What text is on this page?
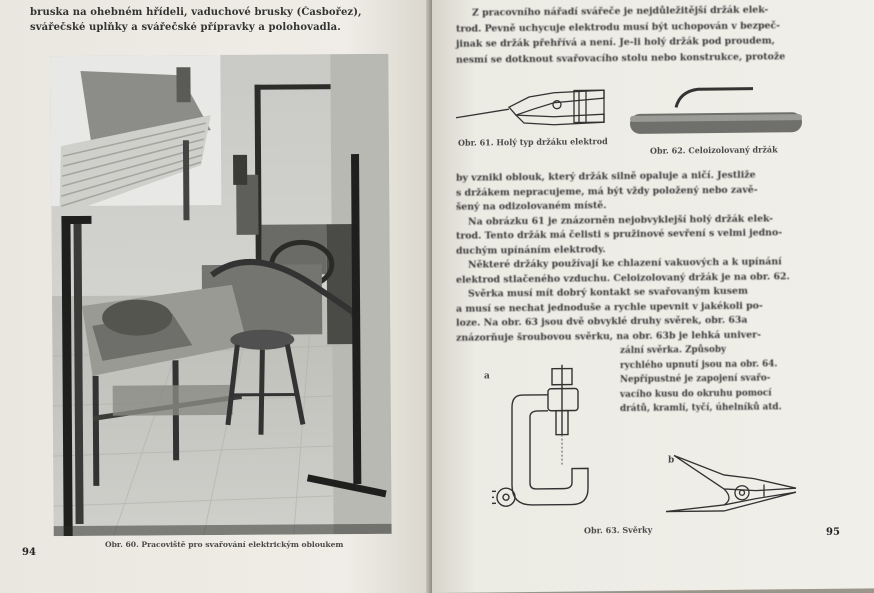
bruska na ohebném hřídeli, vaduchové brusky (Časbořez),
svářečské uplňky a svářečské přípravky a polohovadla.
Obr. 60. Pracoviště pro svařování elektrickým obloukem
94
Z pracovního nářadí svářeče je nejdůležitější držák elek-
trod. Pevně uchycuje elektrodu musí být uchopován v bezpeč-
jinak se držák přehřívá a není. Je-li holý držák pod proudem,
nesmí se dotknout svařovacího stolu nebo konstrukce, protože
Obr. 61. Holý typ držáku elektrod
Obr. 62. Celoizolovaný držák
by vznikl oblouk, který držák silně opaluje a ničí. Jestliže
s držákem nepracujeme, má být vždy položený nebo zavě-
šený na odizolovaném místě.
Na obrázku 61 je znázorněn nejobvyklejší holý držák elek-
trod. Tento držák má čelisti s pružinové sevření s velmi jedno-
duchým upínáním elektrody.
Některé držáky používají ke chlazení vakuových a k upínání
elektrod stlačeného vzduchu. Celoizolovaný držák je na obr. 62.
Svěrka musí mít dobrý kontakt se svařovaným kusem
a musí se nechat jednoduše a rychle upevnit v jakékoli po-
loze. Na obr. 63 jsou dvě obvyklé druhy svěrek, obr. 63a
znázorňuje šroubovou svěrku, na obr. 63b je lehká univer-
zální svěrka. Způsoby
rychlého upnutí jsou na obr. 64.
Nepřípustné je zapojení svařo-
vacího kusu do okruhu pomocí
drátů, kramlí, tyčí, úhelníků atd.
a
b
Obr. 63. Svěrky	95
